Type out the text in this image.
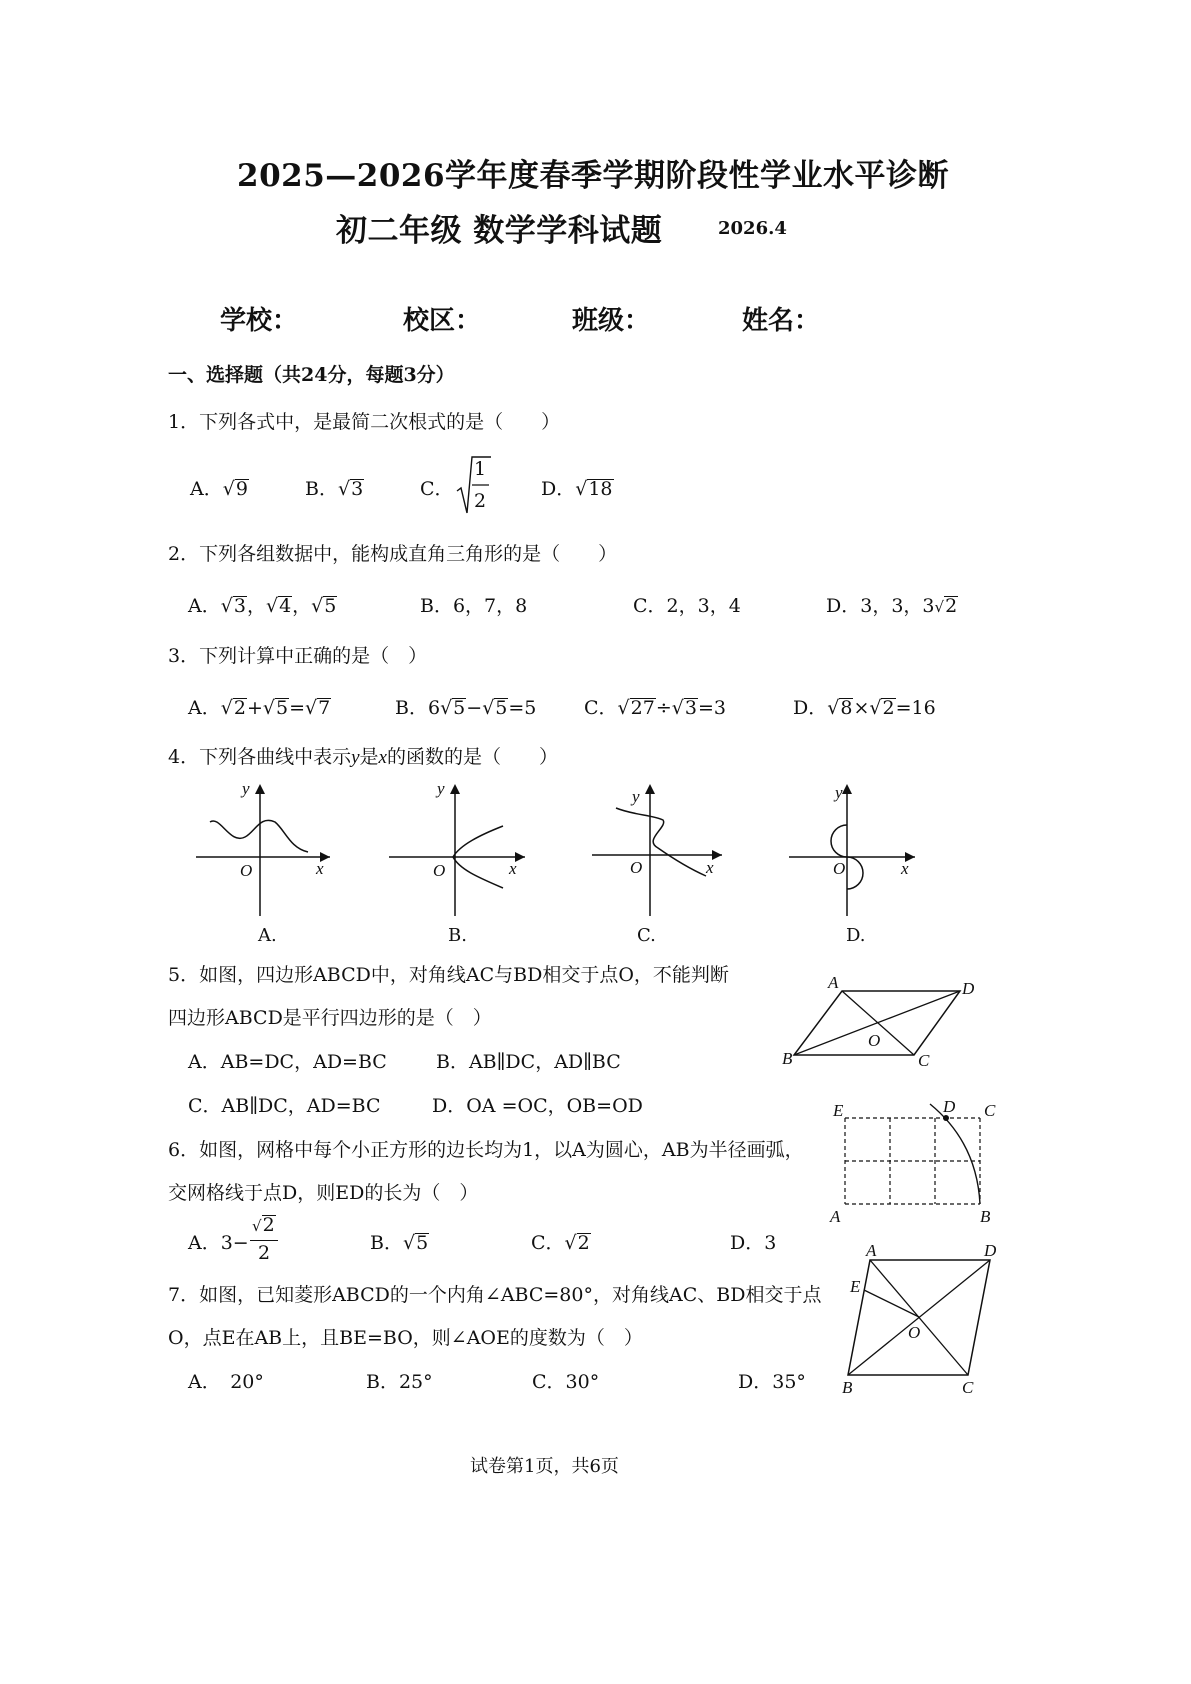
2025—2026学年度春季学期阶段性学业水平诊断
初二年级 数学学科试题	2026.4
学校：	校区：	班级：	姓名：
一、选择题（共24分，每题3分）
1．下列各式中，是最简二次根式的是（　　）
A．√9	B．√3	C．
1
2
D．√18
2．下列各组数据中，能构成直角三角形的是（　　）
A．√3，√4，√5	B．6，7，8	C．2，3，4	D．3，3，3√2
3．下列计算中正确的是（　）
A．√2+√5=√7	B．6√5−√5=5	C．√27÷√3=3	D．√8×√2=16
4．下列各曲线中表示y是x的函数的是（　　）
y
O	x
y
O	x
y
O	x
y
O	x
A.	B.	C.	D.
5．如图，四边形ABCD中，对角线AC与BD相交于点O，不能判断
四边形ABCD是平行四边形的是（　）
A．AB=DC，AD=BC	B．AB∥DC，AD∥BC
C．AB∥DC，AD=BC	D．OA =OC，OB=OD
A	D
B	C
O
6．如图，网格中每个小正方形的边长均为1，以A为圆心，AB为半径画弧，
交网格线于点D，则ED的长为（　）
A．3−
√2
2	B．√5	C．√2	D．3
E	D C
A	B
7．如图，已知菱形ABCD的一个内角∠ABC=80°，对角线AC、BD相交于点
O，点E在AB上，且BE=BO，则∠AOE的度数为（　）
A．　20°	B．25°	C．30°	D．35°
A	D
E
O
B	C
试卷第1页，共6页
